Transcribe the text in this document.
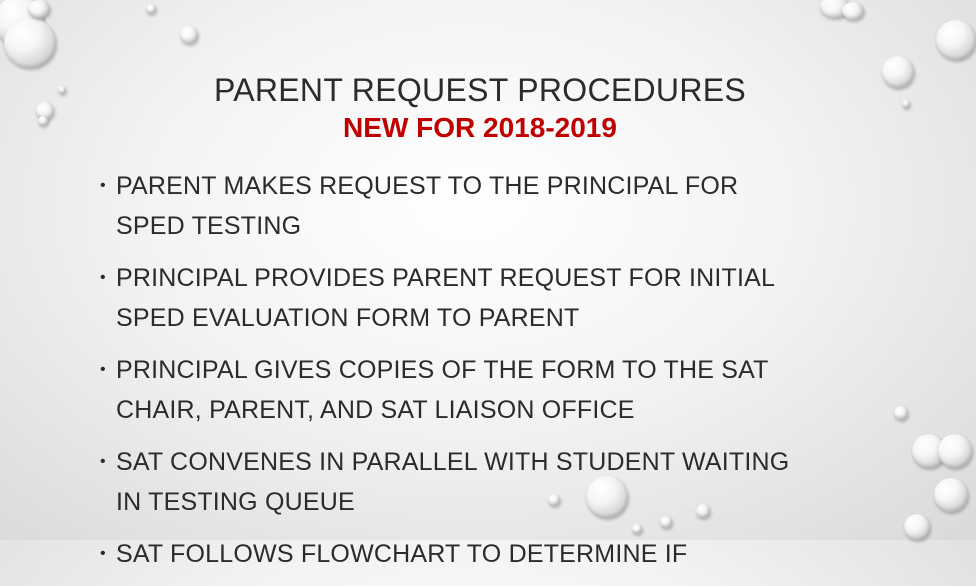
PARENT REQUEST PROCEDURES
NEW FOR 2018-2019
• PARENT MAKES REQUEST TO THE PRINCIPAL FOR
SPED TESTING
• PRINCIPAL PROVIDES PARENT REQUEST FOR INITIAL
SPED EVALUATION FORM TO PARENT
• PRINCIPAL GIVES COPIES OF THE FORM TO THE SAT
CHAIR, PARENT, AND SAT LIAISON OFFICE
• SAT CONVENES IN PARALLEL WITH STUDENT WAITING
IN TESTING QUEUE
• SAT FOLLOWS FLOWCHART TO DETERMINE IF
